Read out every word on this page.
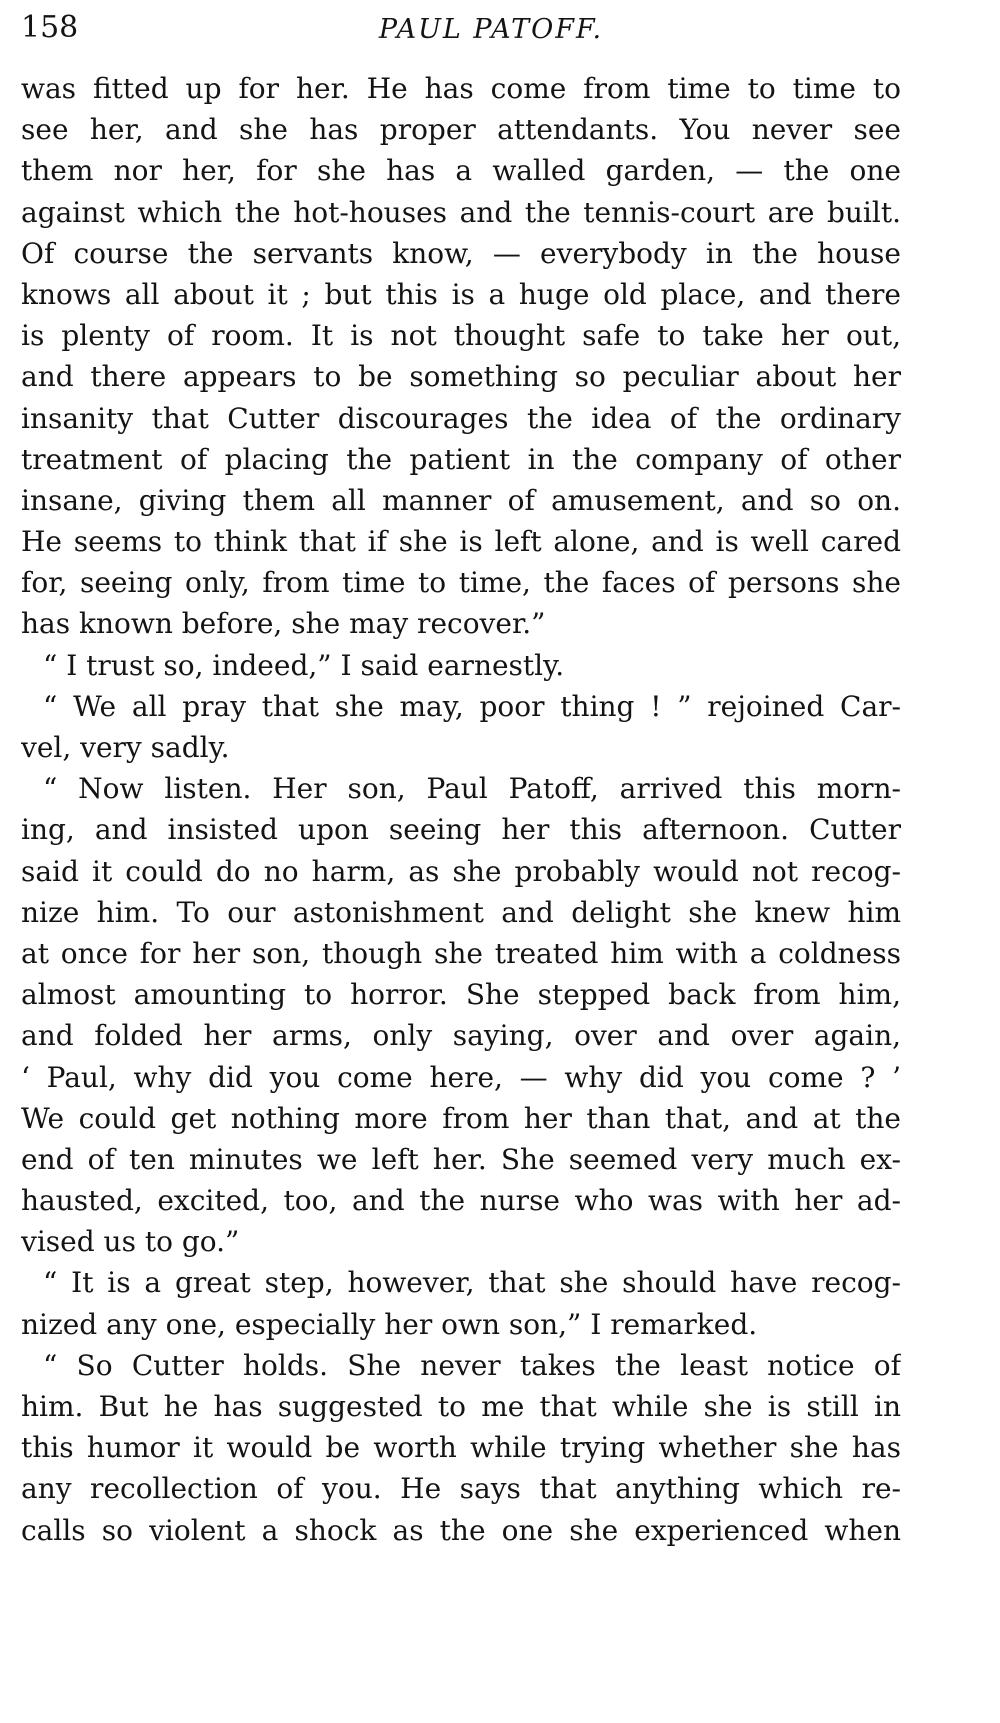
158	PAUL PATOFF.
was fitted up for her. He has come from time to time to
see her, and she has proper attendants. You never see
them nor her, for she has a walled garden, — the one
against which the hot-houses and the tennis-court are built.
Of course the servants know, — everybody in the house
knows all about it ; but this is a huge old place, and there
is plenty of room. It is not thought safe to take her out,
and there appears to be something so peculiar about her
insanity that Cutter discourages the idea of the ordinary
treatment of placing the patient in the company of other
insane, giving them all manner of amusement, and so on.
He seems to think that if she is left alone, and is well cared
for, seeing only, from time to time, the faces of persons she
has known before, she may recover.”
“ I trust so, indeed,” I said earnestly.
“ We all pray that she may, poor thing ! ” rejoined Car-
vel, very sadly.
“ Now listen. Her son, Paul Patoff, arrived this morn-
ing, and insisted upon seeing her this afternoon. Cutter
said it could do no harm, as she probably would not recog-
nize him. To our astonishment and delight she knew him
at once for her son, though she treated him with a coldness
almost amounting to horror. She stepped back from him,
and folded her arms, only saying, over and over again,
‘ Paul, why did you come here, — why did you come ? ’
We could get nothing more from her than that, and at the
end of ten minutes we left her. She seemed very much ex-
hausted, excited, too, and the nurse who was with her ad-
vised us to go.”
“ It is a great step, however, that she should have recog-
nized any one, especially her own son,” I remarked.
“ So Cutter holds. She never takes the least notice of
him. But he has suggested to me that while she is still in
this humor it would be worth while trying whether she has
any recollection of you. He says that anything which re-
calls so violent a shock as the one she experienced when
